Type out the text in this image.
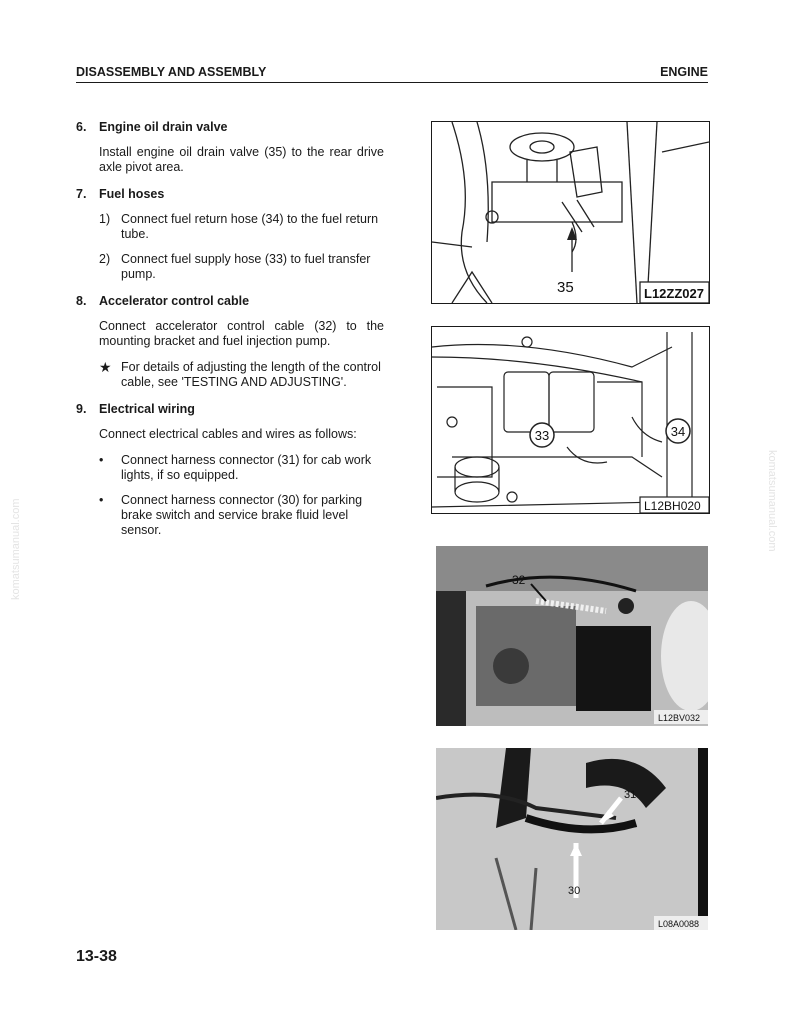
DISASSEMBLY AND ASSEMBLY	ENGINE
6.	Engine oil drain valve
Install engine oil drain valve (35) to the rear drive axle pivot area.
7.	Fuel hoses
1) Connect fuel return hose (34) to the fuel return tube.
2) Connect fuel supply hose (33) to fuel transfer pump.
8.	Accelerator control cable
Connect accelerator control cable (32) to the mounting bracket and fuel injection pump.
★ For details of adjusting the length of the control cable, see 'TESTING AND ADJUSTING'.
9.	Electrical wiring
Connect electrical cables and wires as follows:
•	Connect harness connector (31) for cab work lights, if so equipped.
•	Connect harness connector (30) for parking brake switch and service brake fluid level sensor.
35	L12ZZ027
33	34
L12BH020
32
L12BV032
31
30
L08A0088
13-38
komatsumanual.com	komatsumanual.com
